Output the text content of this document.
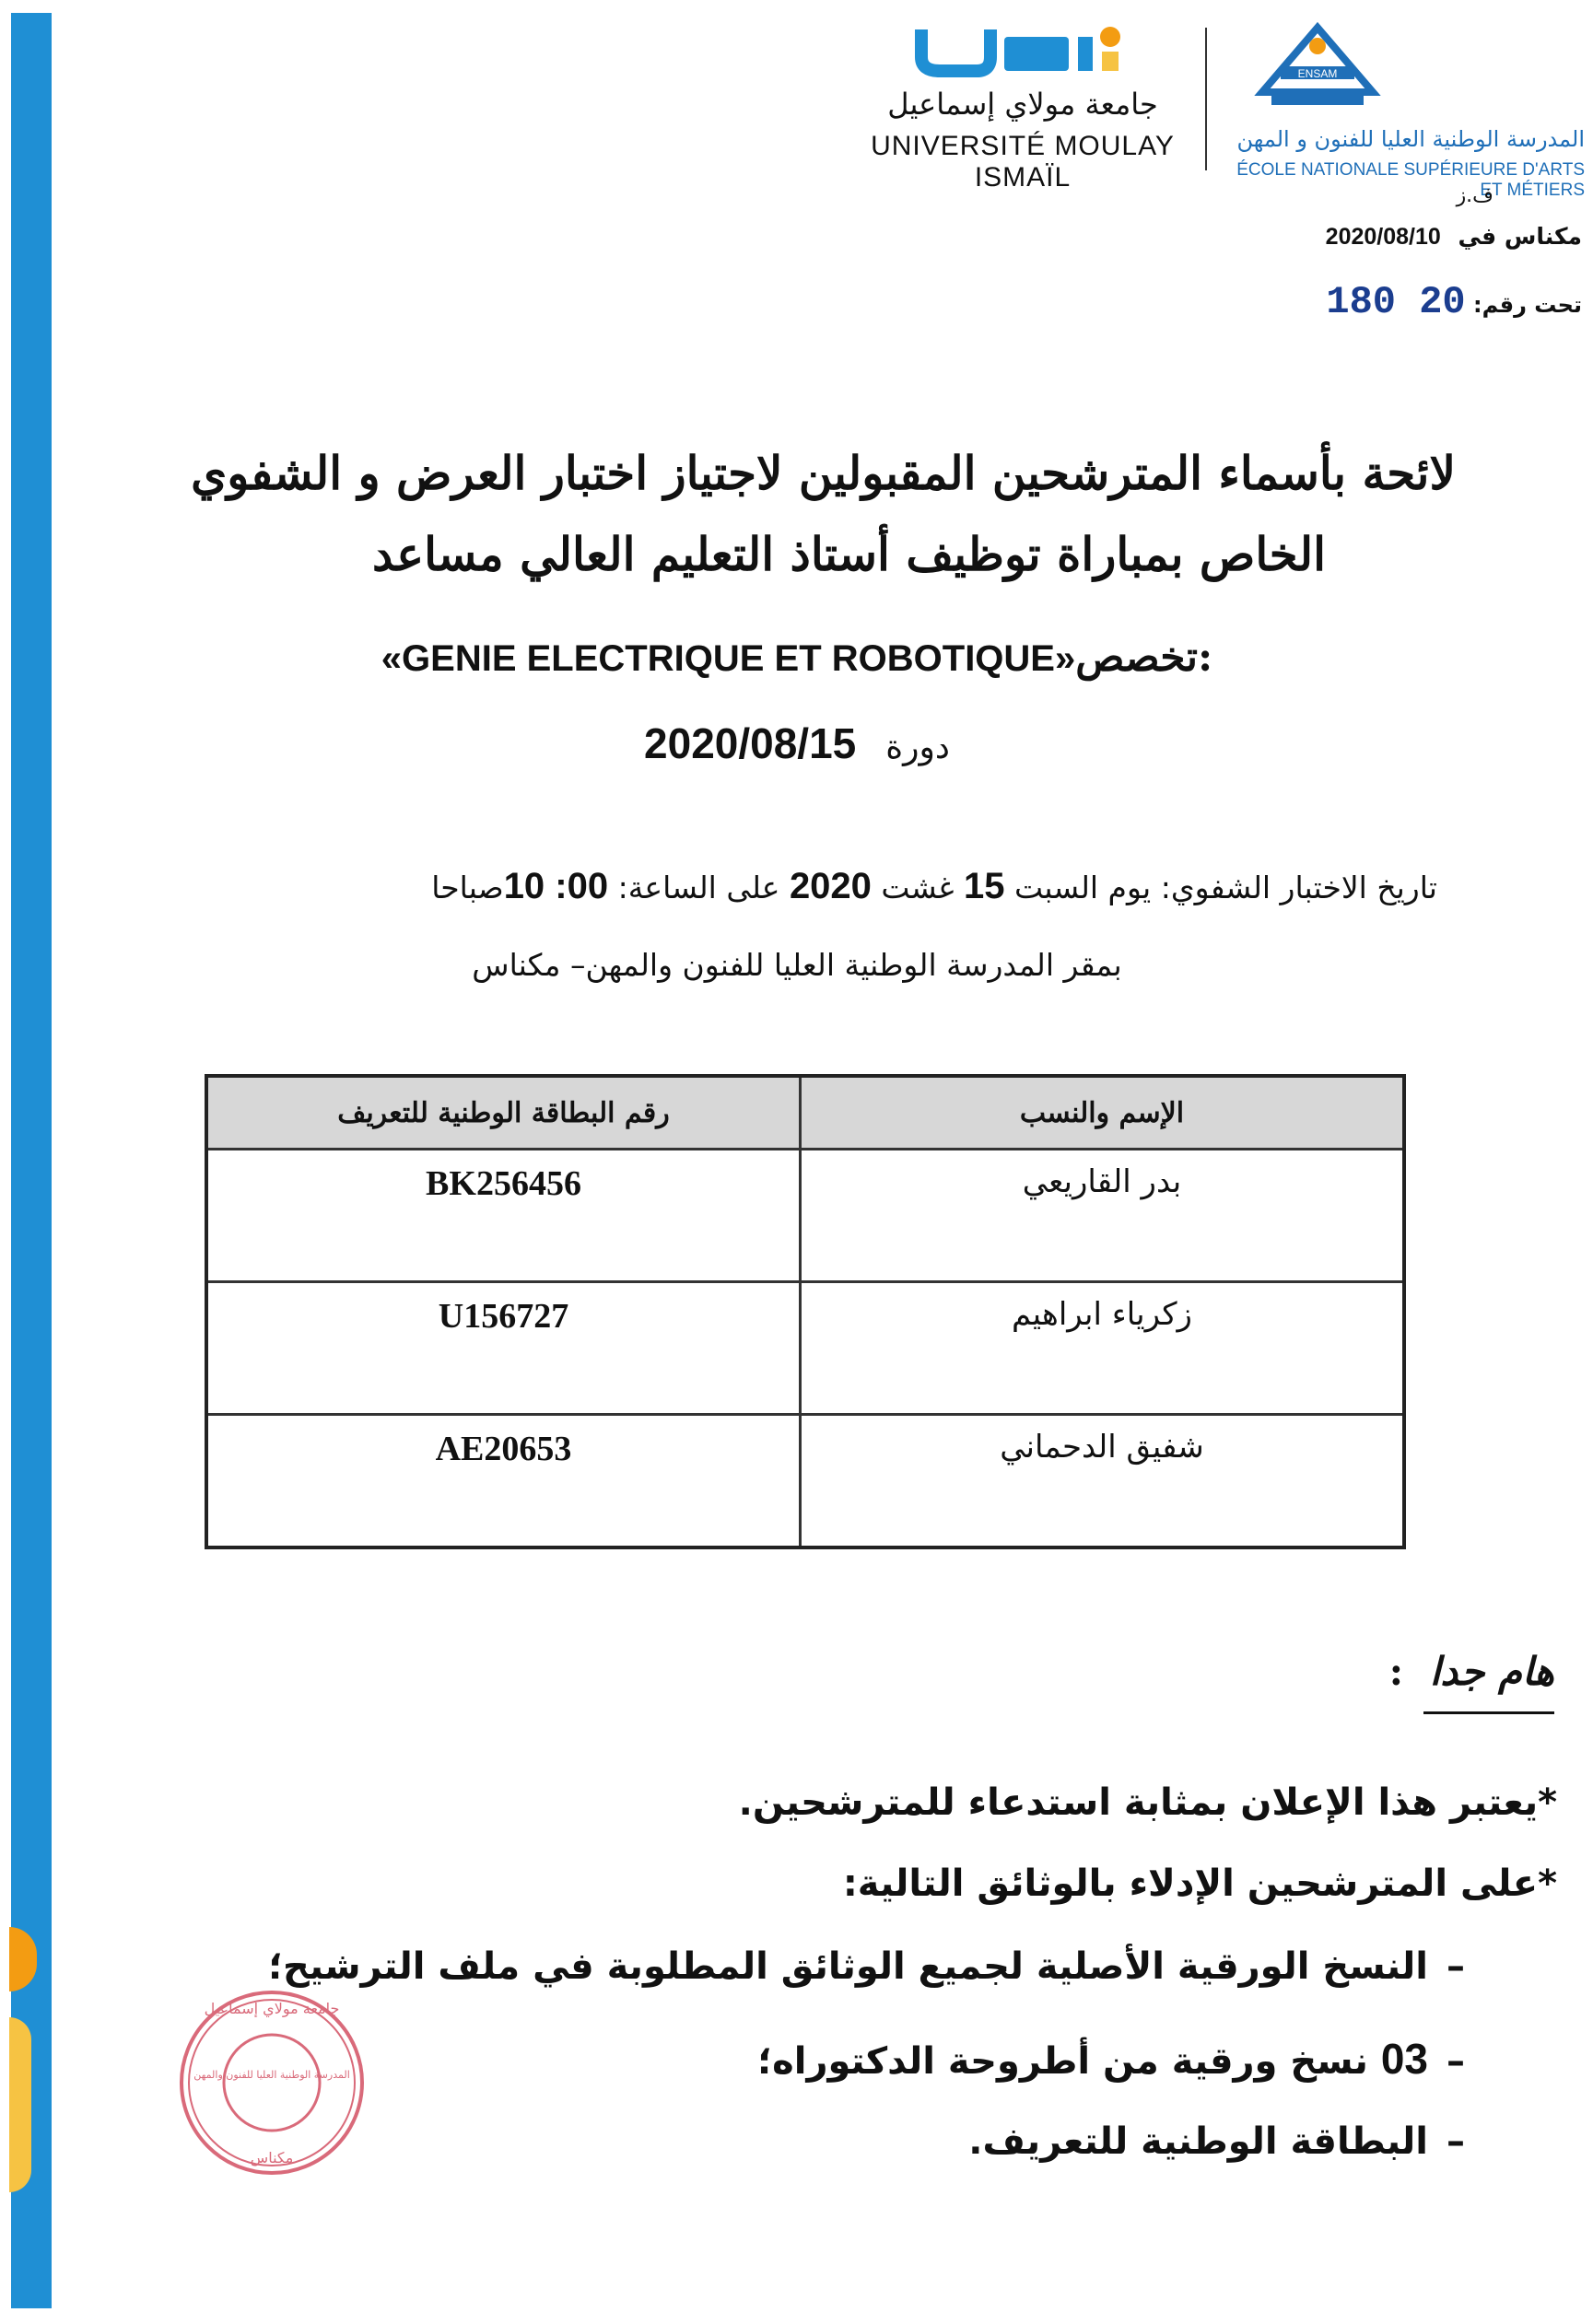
جامعة مولاي إسماعيل
UNIVERSITÉ MOULAY ISMAÏL
ENSAM
المدرسة الوطنية العليا للفنون و المهن
ÉCOLE NATIONALE SUPÉRIEURE D'ARTS ET MÉTIERS
ف.ز
مكناس في 2020/08/10
تحت رقم: 180 20
لائحة بأسماء المترشحين المقبولين لاجتياز اختبار العرض و الشفوي
الخاص بمباراة توظيف أستاذ التعليم العالي مساعد
«GENIE ELECTRIQUE ET ROBOTIQUE»تخصص:
دورة 2020/08/15
تاريخ الاختبار الشفوي: يوم السبت 15 غشت 2020 على الساعة: 10 :00صباحا
بمقر المدرسة الوطنية العليا للفنون والمهن– مكناس
الإسم والنسب	رقم البطاقة الوطنية للتعريف
بدر القاريعي	BK256456
زكرياء ابراهيم	U156727
شفيق الدحماني	AE20653
هام جدا :
*يعتبر هذا الإعلان بمثابة استدعاء للمترشحين.
*على المترشحين الإدلاء بالوثائق التالية:
–النسخ الورقية الأصلية لجميع الوثائق المطلوبة في ملف الترشيح؛
–03 نسخ ورقية من أطروحة الدكتوراه؛
–البطاقة الوطنية للتعريف.
جامعة مولاي إسماعيل
المدرسة الوطنية العليا للفنون والمهن
مكناس
